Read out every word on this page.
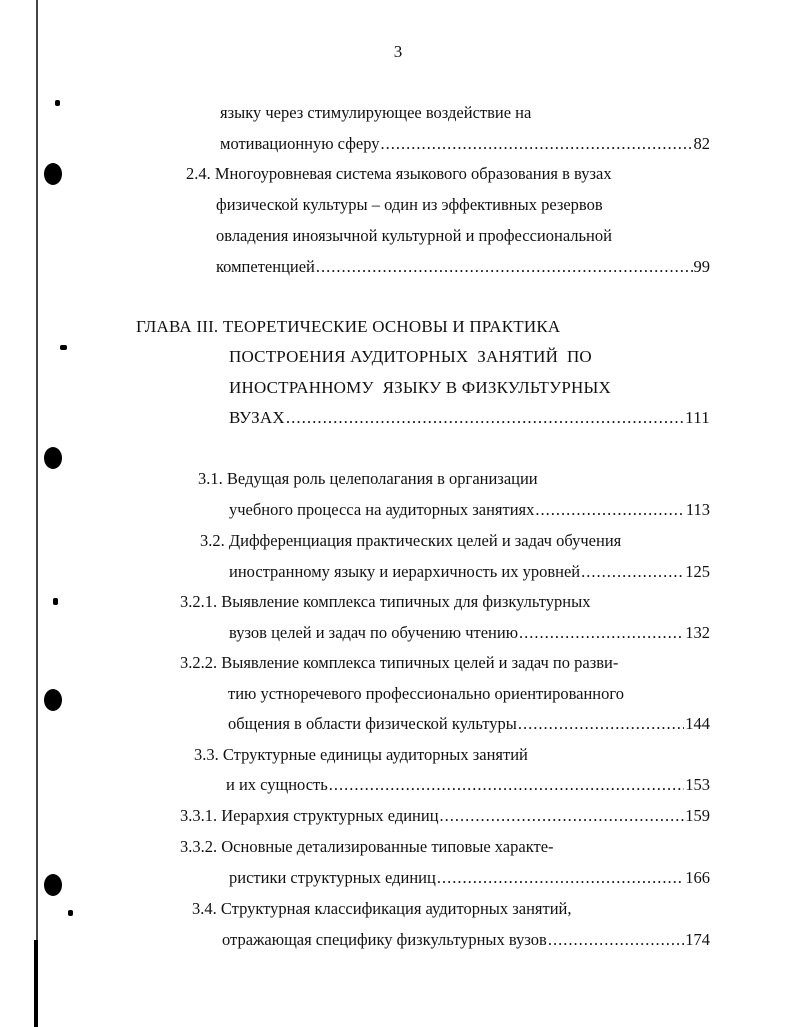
3
языку через стимулирующее воздействие на
мотивационную сферу .....	82
2.4. Многоуровневая система языкового образования в вузах
физической культуры – один из эффективных резервов
овладения иноязычной культурной и профессиональной
компетенцией .....	99
ГЛАВА III. ТЕОРЕТИЧЕСКИЕ ОСНОВЫ И ПРАКТИКА
ПОСТРОЕНИЯ АУДИТОРНЫХ  ЗАНЯТИЙ  ПО
ИНОСТРАННОМУ  ЯЗЫКУ В ФИЗКУЛЬТУРНЫХ
ВУЗАХ .....	111
3.1. Ведущая роль целеполагания в организации
учебного процесса на аудиторных занятиях .....	113
3.2. Дифференциация практических целей и задач обучения
иностранному языку и иерархичность их уровней .....	125
3.2.1. Выявление комплекса типичных для физкультурных
вузов целей и задач по обучению чтению .....	132
3.2.2. Выявление комплекса типичных целей и задач по разви-
тию устноречевого профессионально ориентированного
общения в области физической культуры .....	144
3.3. Структурные единицы аудиторных занятий
и их сущность .....	153
3.3.1. Иерархия структурных единиц .....	159
3.3.2. Основные детализированные типовые характе-
ристики структурных единиц .....	166
3.4. Структурная классификация аудиторных занятий,
отражающая специфику физкультурных вузов .....	174
